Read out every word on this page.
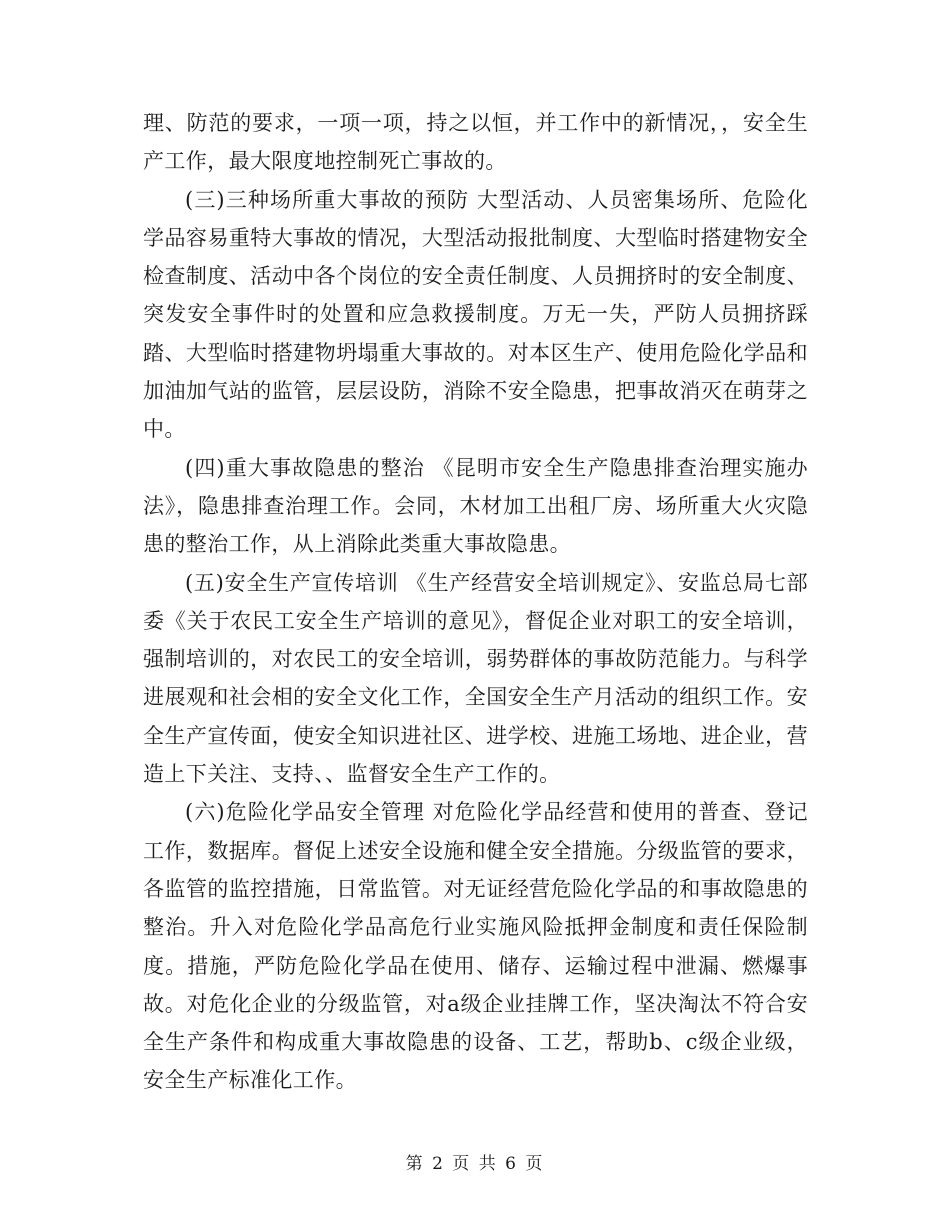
理、防范的要求，一项一项，持之以恒，并工作中的新情况，，安全生产工作，最大限度地控制死亡事故的。

(三)三种场所重大事故的预防 大型活动、人员密集场所、危险化学品容易重特大事故的情况，大型活动报批制度、大型临时搭建物安全检查制度、活动中各个岗位的安全责任制度、人员拥挤时的安全制度、突发安全事件时的处置和应急救援制度。万无一失，严防人员拥挤踩踏、大型临时搭建物坍塌重大事故的。对本区生产、使用危险化学品和加油加气站的监管，层层设防，消除不安全隐患，把事故消灭在萌芽之中。

(四)重大事故隐患的整治 《昆明市安全生产隐患排查治理实施办法》，隐患排查治理工作。会同，木材加工出租厂房、场所重大火灾隐患的整治工作，从上消除此类重大事故隐患。

(五)安全生产宣传培训 《生产经营安全培训规定》、安监总局七部委《关于农民工安全生产培训的意见》，督促企业对职工的安全培训，强制培训的，对农民工的安全培训，弱势群体的事故防范能力。与科学进展观和社会相的安全文化工作，全国安全生产月活动的组织工作。安全生产宣传面，使安全知识进社区、进学校、进施工场地、进企业，营造上下关注、支持、、监督安全生产工作的。

(六)危险化学品安全管理 对危险化学品经营和使用的普查、登记工作，数据库。督促上述安全设施和健全安全措施。分级监管的要求，各监管的监控措施，日常监管。对无证经营危险化学品的和事故隐患的整治。升入对危险化学品高危行业实施风险抵押金制度和责任保险制度。措施，严防危险化学品在使用、储存、运输过程中泄漏、燃爆事故。对危化企业的分级监管，对a级企业挂牌工作，坚决淘汰不符合安全生产条件和构成重大事故隐患的设备、工艺，帮助b、c级企业级，安全生产标准化工作。

第 2 页 共 6 页
